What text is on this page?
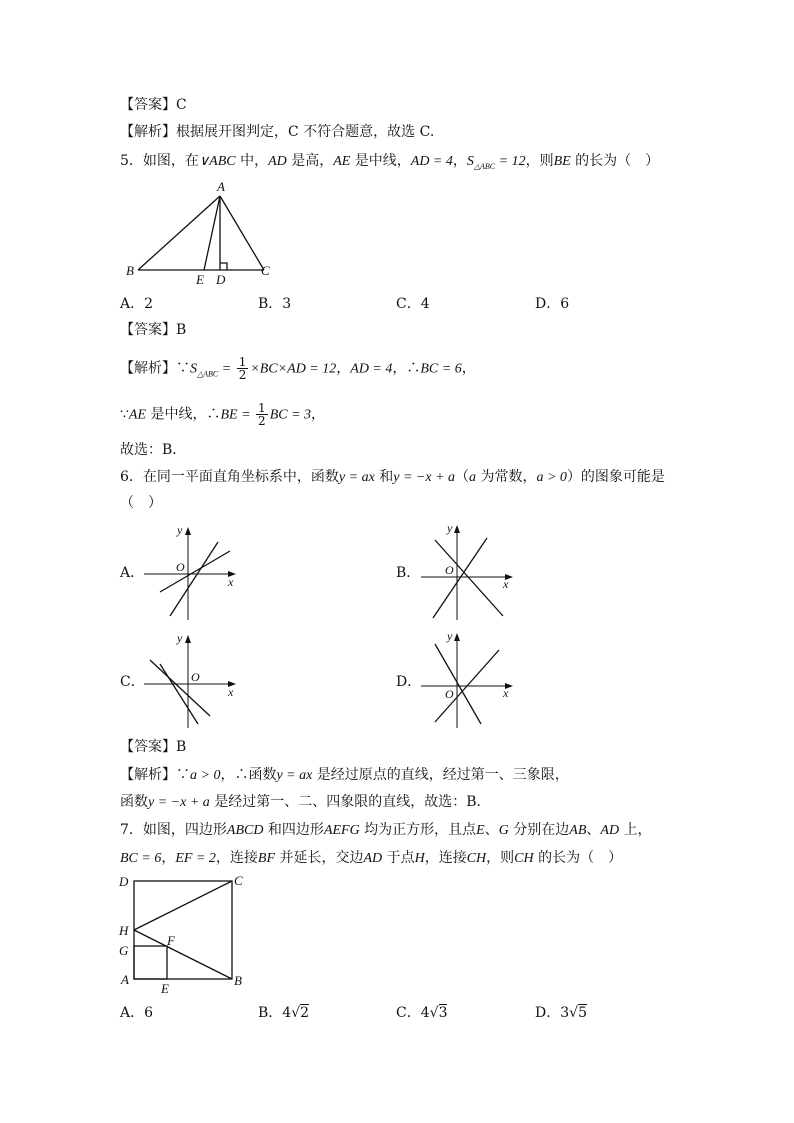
【答案】C
【解析】根据展开图判定，C 不符合题意，故选 C.
5．如图，在∨ABC 中，AD 是高，AE 是中线，AD = 4，$S_{\triangle ABC} = 12$，则BE 的长为（　）
A
B	C
D
E
A．2	B．3	C．4	D．6
【答案】B
【解析】$\because S_{\triangle ABC} = \frac{1}{2} \times BC\times AD = 12$，AD = 4，∴BC = 6，
∵AE 是中线，∴BE = $\frac{1}{2}$ BC = 3，
故选：B．
6．在同一平面直角坐标系中，函数y = ax 和y = −x + a（a 为常数，a > 0）的图象可能是
（　）
A．	B．
C．	D．
O
x
y
O
x
y
O
x
y
O	x
y
【答案】B
【解析】∵a > 0，∴函数y = ax 是经过原点的直线，经过第一、三象限，
函数y = −x + a 是经过第一、二、四象限的直线，故选：B．
7．如图，四边形ABCD 和四边形AEFG 均为正方形，且点E、G 分别在边AB、AD 上，
BC = 6，EF = 2，连接BF 并延长，交边AD 于点H，连接CH，则CH 的长为（　）
D	C
H
G
F
A
E
B
A．6	B．4√2	C．4√3	D．3√5
